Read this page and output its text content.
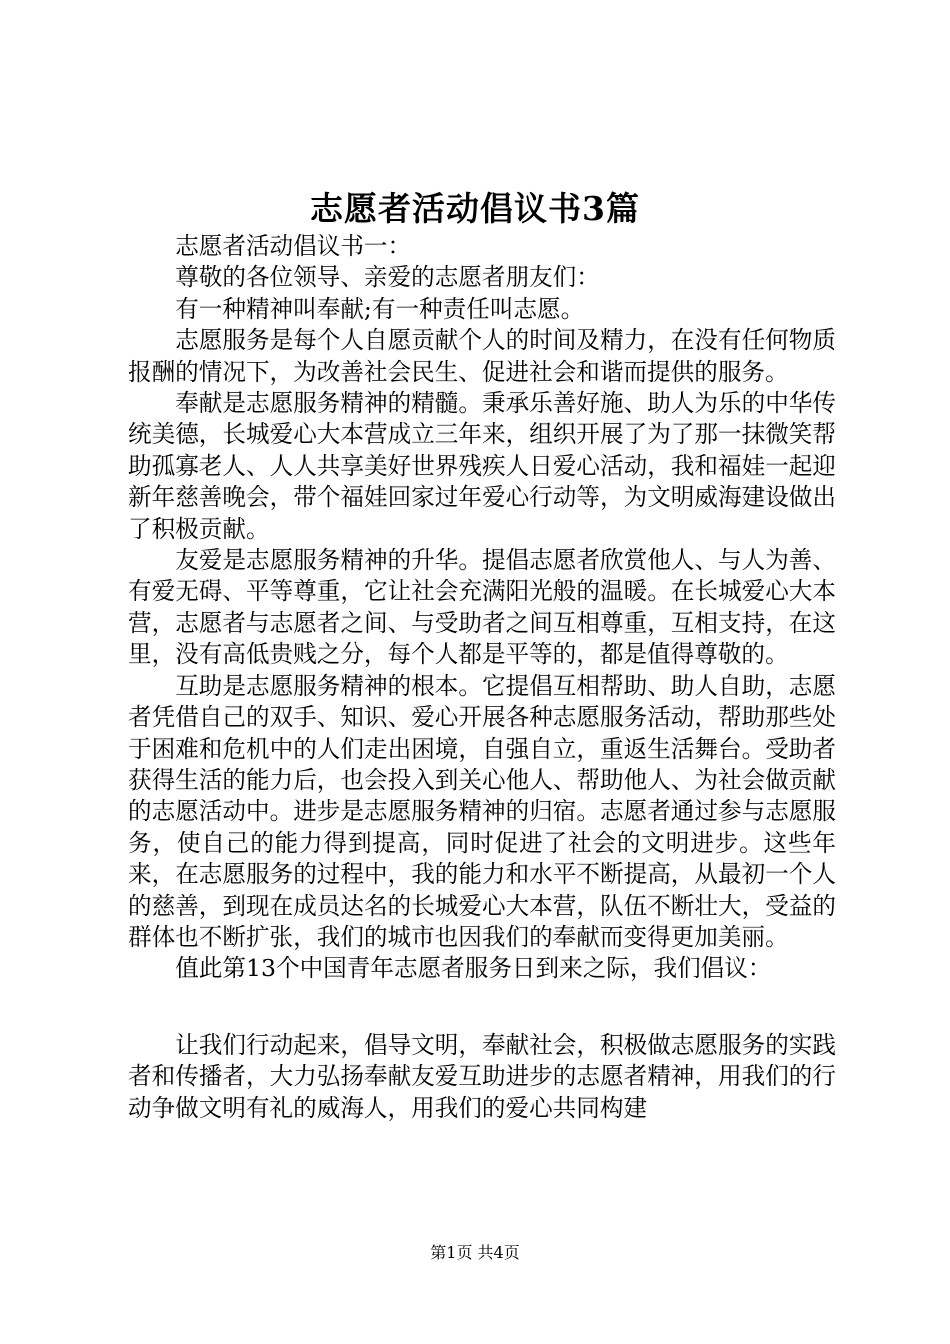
志愿者活动倡议书3篇

志愿者活动倡议书一：

尊敬的各位领导、亲爱的志愿者朋友们：

有一种精神叫奉献;有一种责任叫志愿。

志愿服务是每个人自愿贡献个人的时间及精力，在没有任何物质报酬的情况下，为改善社会民生、促进社会和谐而提供的服务。

奉献是志愿服务精神的精髓。秉承乐善好施、助人为乐的中华传统美德，长城爱心大本营成立三年来，组织开展了为了那一抹微笑帮助孤寡老人、人人共享美好世界残疾人日爱心活动，我和福娃一起迎新年慈善晚会，带个福娃回家过年爱心行动等，为文明威海建设做出了积极贡献。

友爱是志愿服务精神的升华。提倡志愿者欣赏他人、与人为善、有爱无碍、平等尊重，它让社会充满阳光般的温暖。在长城爱心大本营，志愿者与志愿者之间、与受助者之间互相尊重，互相支持，在这里，没有高低贵贱之分，每个人都是平等的，都是值得尊敬的。

互助是志愿服务精神的根本。它提倡互相帮助、助人自助，志愿者凭借自己的双手、知识、爱心开展各种志愿服务活动，帮助那些处于困难和危机中的人们走出困境，自强自立，重返生活舞台。受助者获得生活的能力后，也会投入到关心他人、帮助他人、为社会做贡献的志愿活动中。进步是志愿服务精神的归宿。志愿者通过参与志愿服务，使自己的能力得到提高，同时促进了社会的文明进步。这些年来，在志愿服务的过程中，我的能力和水平不断提高，从最初一个人的慈善，到现在成员达名的长城爱心大本营，队伍不断壮大，受益的群体也不断扩张，我们的城市也因我们的奉献而变得更加美丽。

值此第13个中国青年志愿者服务日到来之际，我们倡议：

让我们行动起来，倡导文明，奉献社会，积极做志愿服务的实践者和传播者，大力弘扬奉献友爱互助进步的志愿者精神，用我们的行动争做文明有礼的威海人，用我们的爱心共同构建

第1页 共4页
